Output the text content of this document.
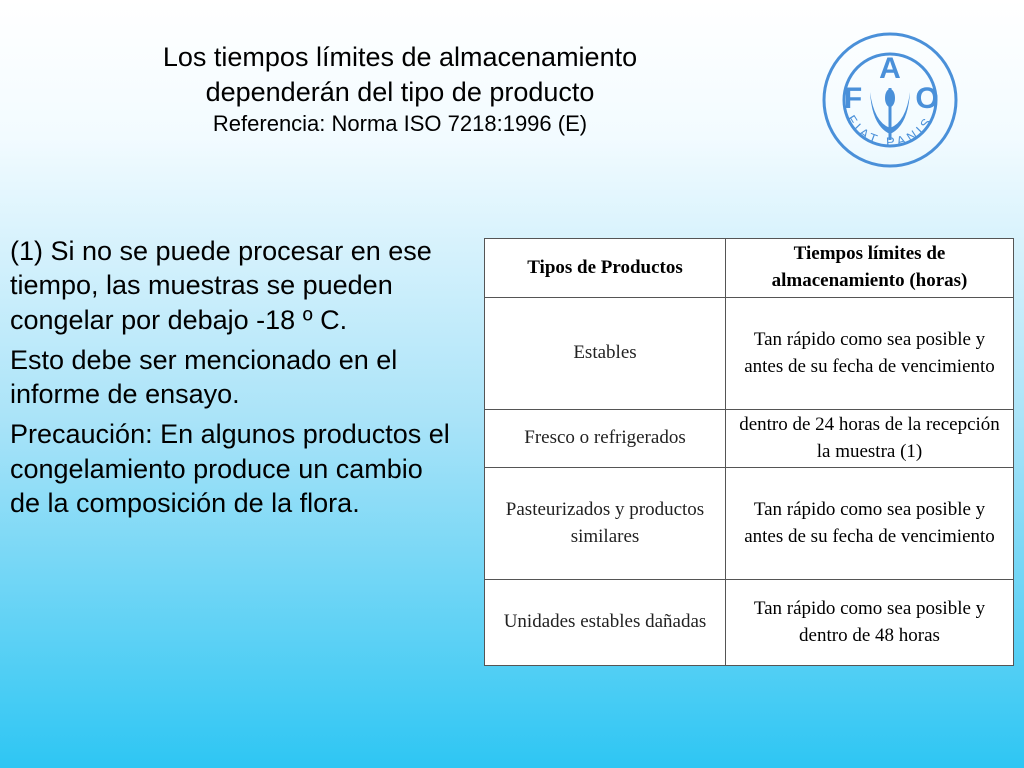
Los tiempos límites de almacenamiento
dependerán del tipo de producto
Referencia: Norma ISO 7218:1996 (E)
F
A
O
FIAT PANIS

(1) Si no se puede procesar en ese tiempo, las muestras se pueden congelar por debajo -18 º C.

Esto debe ser mencionado en el informe de ensayo.

Precaución: En algunos productos el congelamiento produce un cambio de la composición de la flora.

Tipos de Productos	Tiempos límites de almacenamiento (horas)
Estables	Tan rápido como sea posible y
antes de su fecha de vencimiento
Fresco o refrigerados	dentro de 24 horas de la recepción la muestra (1)
Pasteurizados y productos similares	Tan rápido como sea posible y
antes de su fecha de vencimiento
Unidades estables dañadas	Tan rápido como sea posible y dentro de 48 horas
